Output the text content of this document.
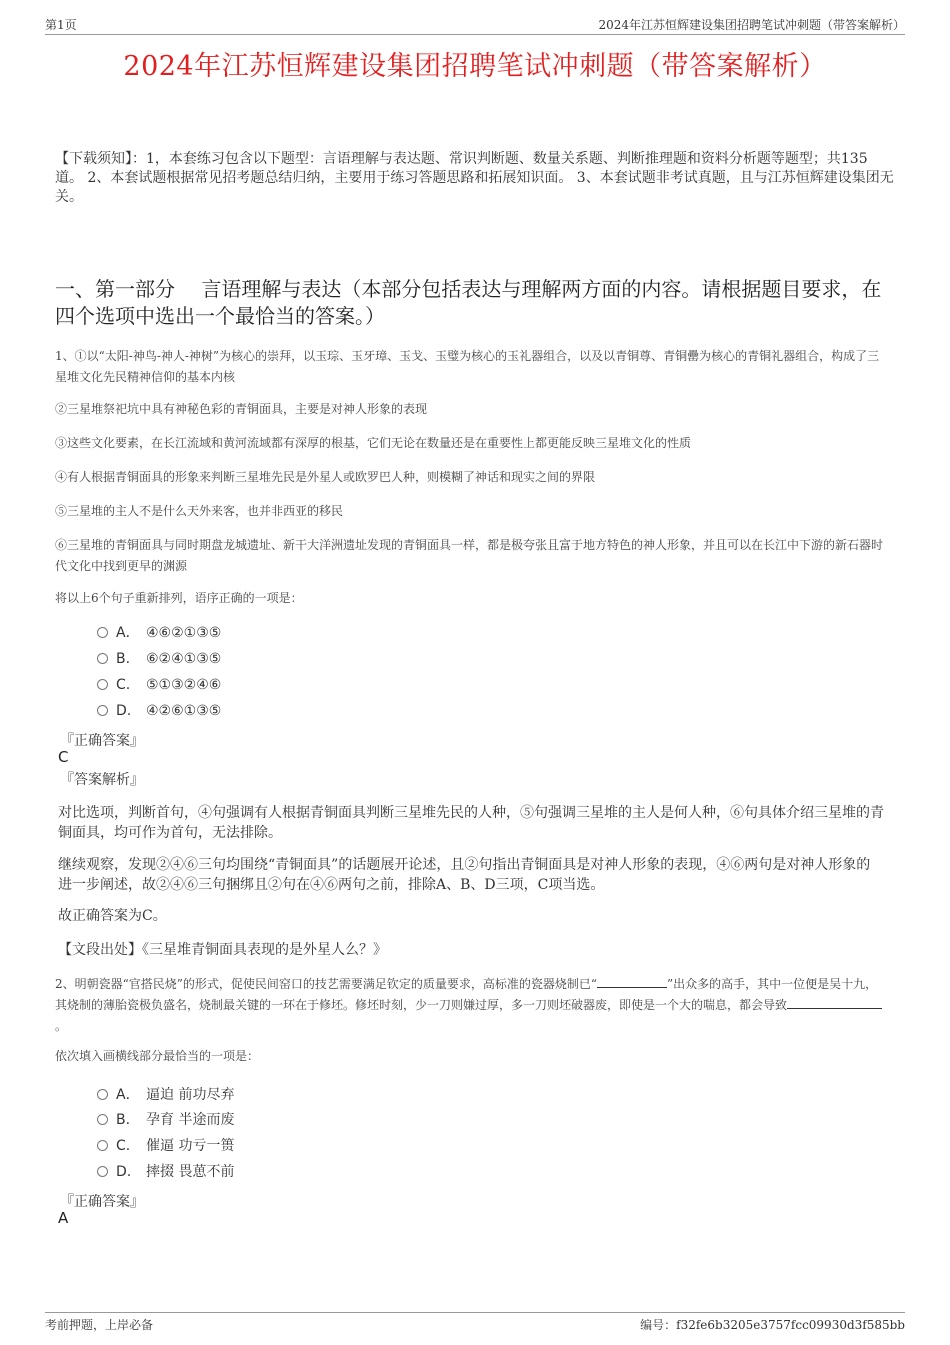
第1页	2024年江苏恒辉建设集团招聘笔试冲刺题（带答案解析）
2024年江苏恒辉建设集团招聘笔试冲刺题（带答案解析）
【下载须知】：1，本套练习包含以下题型：言语理解与表达题、常识判断题、数量关系题、判断推理题和资料分析题等题型；共135道。 2、本套试题根据常见招考题总结归纳，主要用于练习答题思路和拓展知识面。 3、本套试题非考试真题，且与江苏恒辉建设集团无关。
一、第一部分　 言语理解与表达（本部分包括表达与理解两方面的内容。请根据题目要求，在四个选项中选出一个最恰当的答案。）
1、①以“太阳-神鸟-神人-神树”为核心的崇拜，以玉琮、玉牙璋、玉戈、玉璧为核心的玉礼器组合，以及以青铜尊、青铜罍为核心的青铜礼器组合，构成了三星堆文化先民精神信仰的基本内核
②三星堆祭祀坑中具有神秘色彩的青铜面具，主要是对神人形象的表现
③这些文化要素，在长江流域和黄河流域都有深厚的根基，它们无论在数量还是在重要性上都更能反映三星堆文化的性质
④有人根据青铜面具的形象来判断三星堆先民是外星人或欧罗巴人种，则模糊了神话和现实之间的界限
⑤三星堆的主人不是什么天外来客，也并非西亚的移民
⑥三星堆的青铜面具与同时期盘龙城遗址、新干大洋洲遗址发现的青铜面具一样，都是极夸张且富于地方特色的神人形象，并且可以在长江中下游的新石器时代文化中找到更早的渊源
将以上6个句子重新排列，语序正确的一项是：
A． ④⑥②①③⑤
B. ⑥②④①③⑤
C. ⑤①③②④⑥
D. ④②⑥①③⑤
『正确答案』
C
『答案解析』
对比选项，判断首句，④句强调有人根据青铜面具判断三星堆先民的人种，⑤句强调三星堆的主人是何人种，⑥句具体介绍三星堆的青铜面具，均可作为首句，无法排除。
继续观察，发现②④⑥三句均围绕“青铜面具”的话题展开论述，且②句指出青铜面具是对神人形象的表现，④⑥两句是对神人形象的进一步阐述，故②④⑥三句捆绑且②句在④⑥两句之前，排除A、B、D三项，C项当选。
故正确答案为C。
【文段出处】《三星堆青铜面具表现的是外星人么？》
2、明朝瓷器“官搭民烧”的形式，促使民间窑口的技艺需要满足钦定的质量要求，高标准的瓷器烧制已“	”出众多的高手，其中一位便是吴十九，其烧制的薄胎瓷极负盛名，烧制最关键的一环在于修坯。修坯时刻，少一刀则嫌过厚，多一刀则坯破器废，即使是一个大的喘息，都会导致。
依次填入画横线部分最恰当的一项是：
A． 逼迫 前功尽弃
B. 孕育 半途而废
C. 催逼 功亏一篑
D. 摔掇 畏葸不前
『正确答案』
A
考前押题，上岸必备	编号：f32fe6b3205e3757fcc09930d3f585bb
